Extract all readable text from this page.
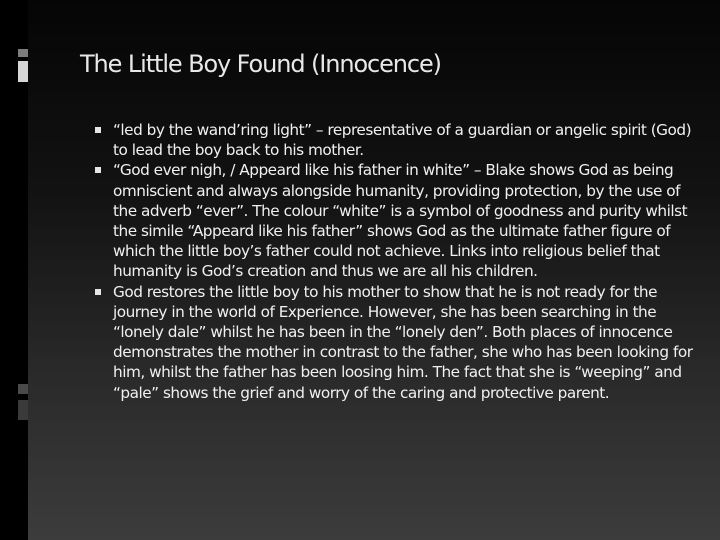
The Little Boy Found (Innocence)
“led by the wand’ring light” – representative of a guardian or angelic spirit (God) to lead the boy back to his mother.
“God ever nigh, / Appeard like his father in white” – Blake shows God as being omniscient and always alongside humanity, providing protection, by the use of the adverb “ever”. The colour “white” is a symbol of goodness and purity whilst the simile “Appeard like his father” shows God as the ultimate father figure of which the little boy’s father could not achieve. Links into religious belief that humanity is God’s creation and thus we are all his children.
God restores the little boy to his mother to show that he is not ready for the journey in the world of Experience. However, she has been searching in the “lonely dale” whilst he has been in the “lonely den”. Both places of innocence demonstrates the mother in contrast to the father, she who has been looking for him, whilst the father has been loosing him. The fact that she is “weeping” and “pale” shows the grief and worry of the caring and protective parent.
